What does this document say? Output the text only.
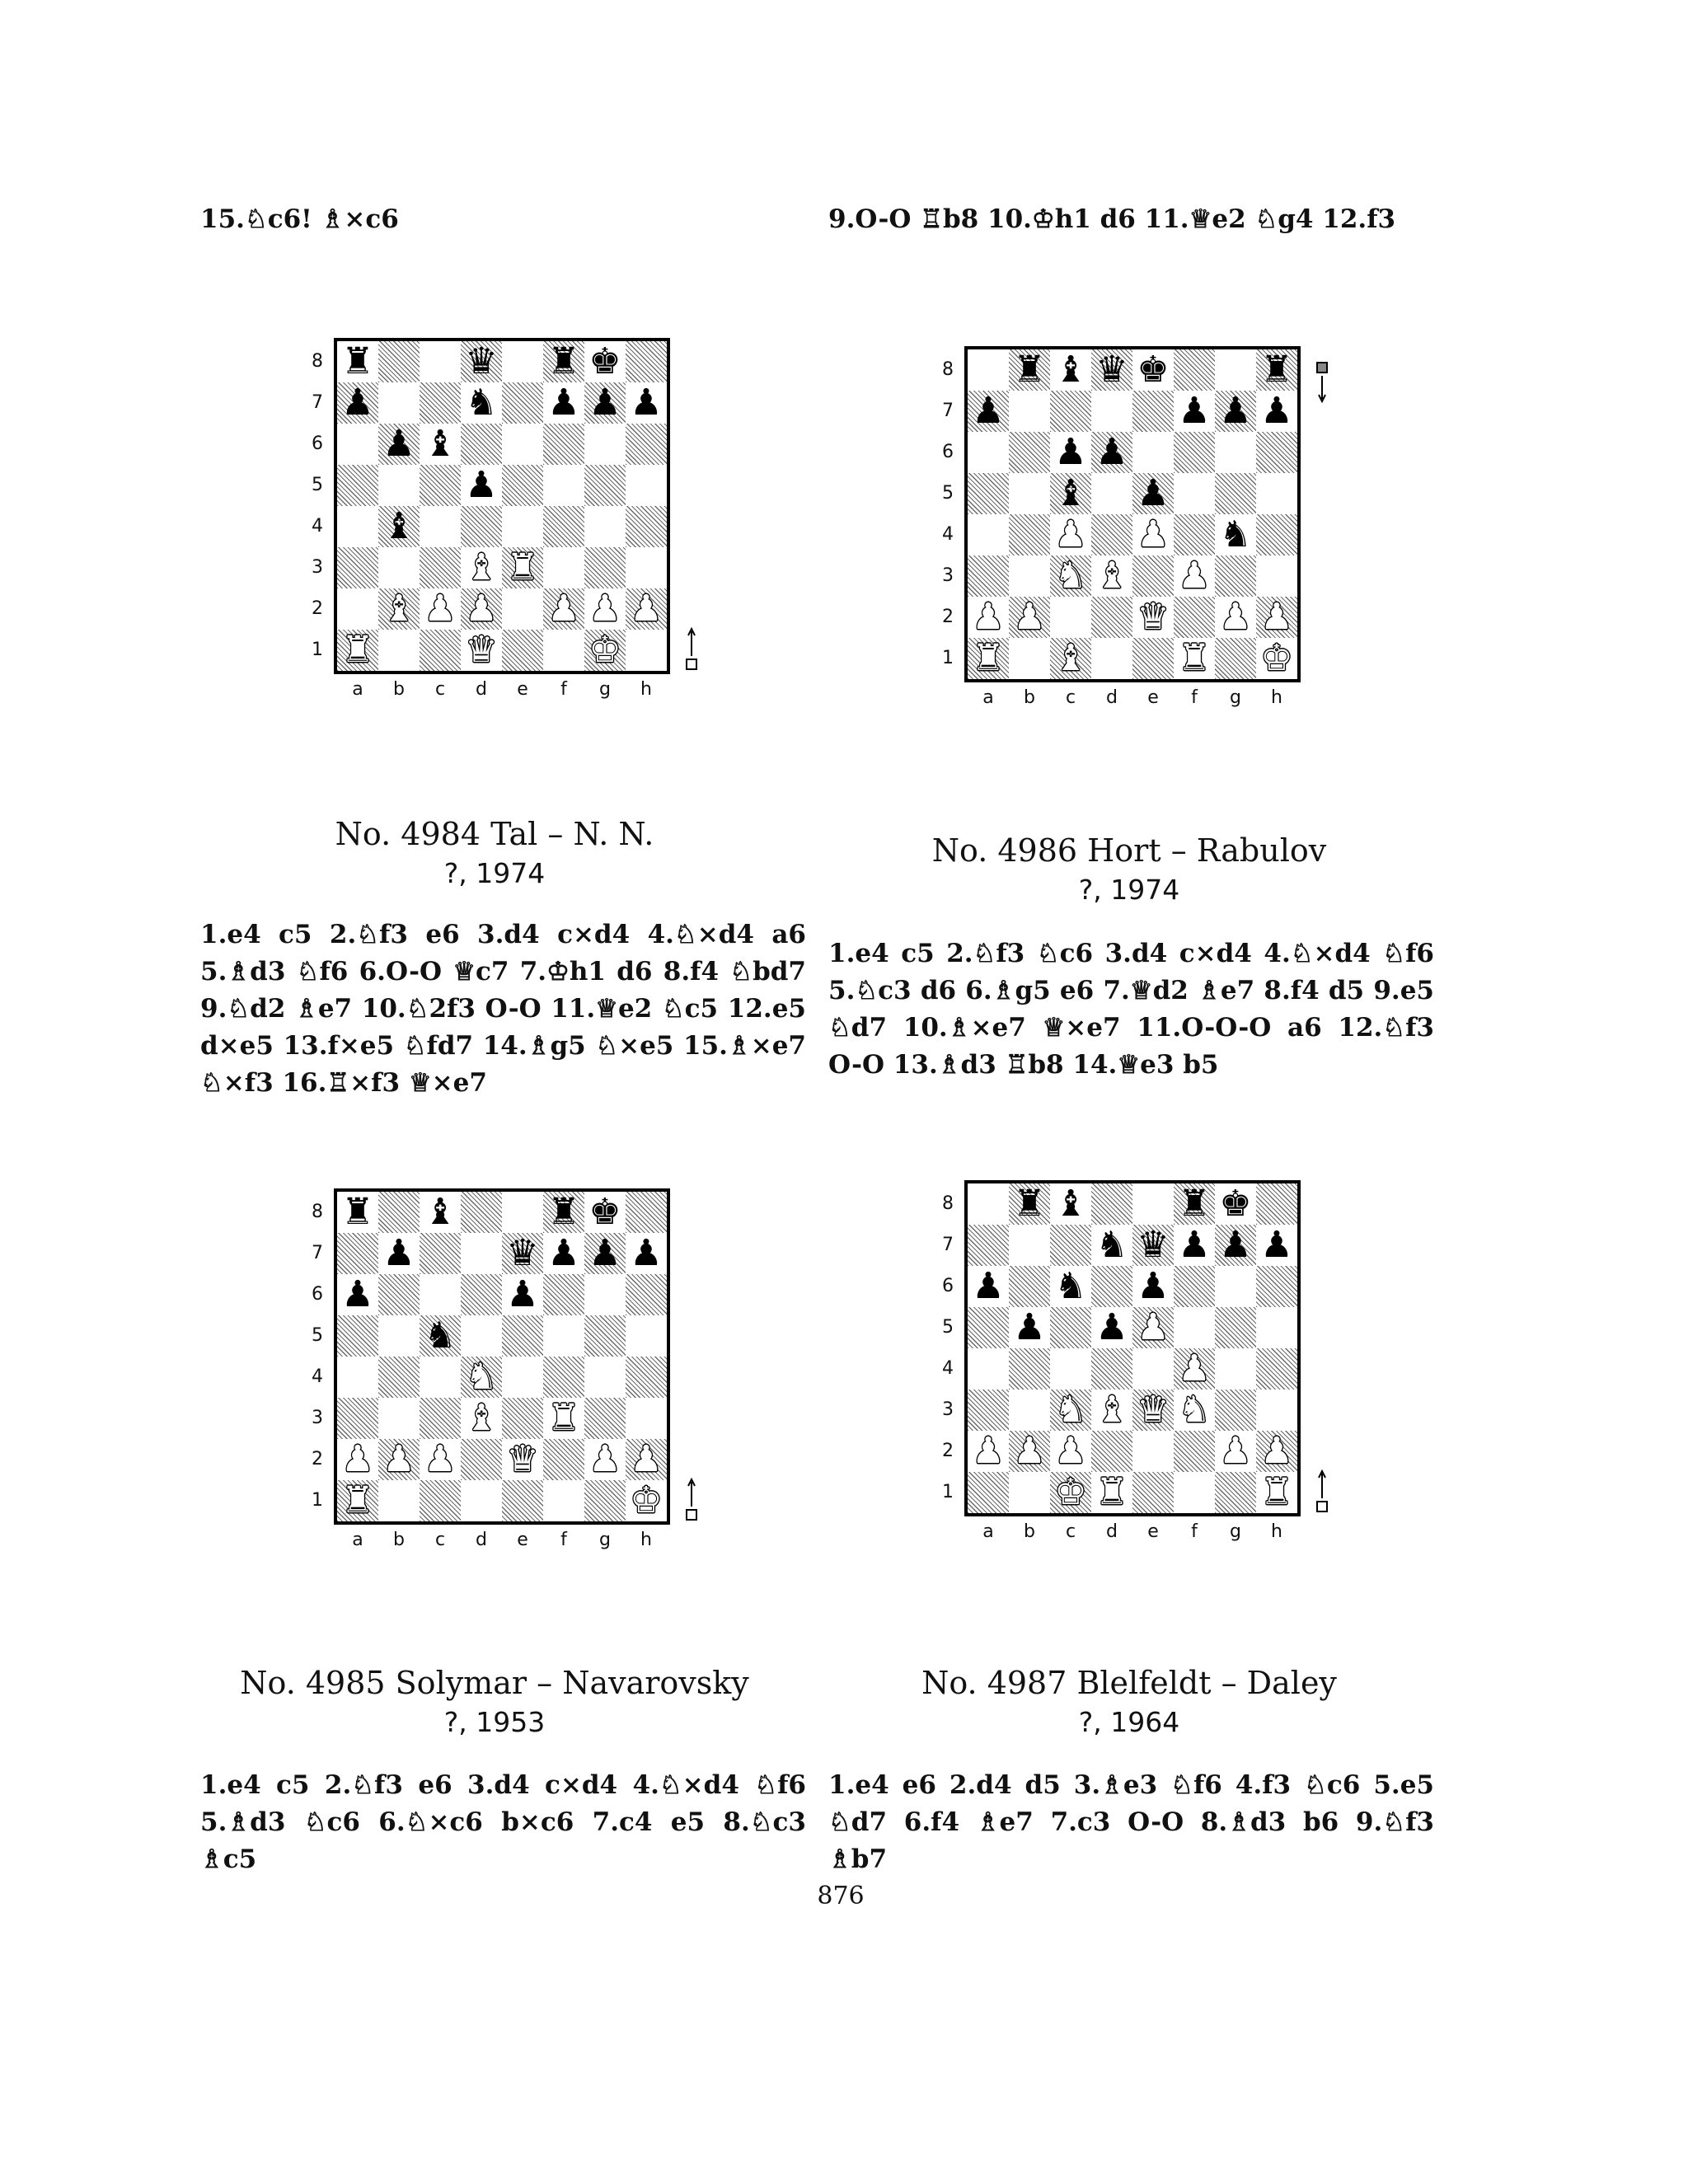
15.♘c6! ♗×c6	9.O-O ♖b8 10.♔h1 d6 11.♕e2 ♘g4 12.f3
♜	♛ ♜ ♚
♟	♞ ♟ ♟ ♟
♟ ♝
♟
♝
♝ ♜
♝ ♟ ♟ ♟ ♟ ♟
♜	♛	♚
♜ ♝ ♛ ♚	♜
♟	♟ ♟ ♟
♟ ♟
♝ ♟
♟ ♟ ♞
♞ ♝ ♟
♟ ♟	♛ ♟ ♟
♜ ♝	♜ ♚
♜ ♝	♜ ♚
♟	♛ ♟ ♟ ♟
♟	♟
♞
♞
♝ ♜
♟ ♟ ♟ ♛ ♟ ♟
♜	♚
♜ ♝	♜ ♚
♞ ♛ ♟ ♟ ♟
♟ ♞ ♟
♟ ♟ ♟
♟
♞ ♝ ♛ ♞
♟ ♟ ♟	♟ ♟
♚ ♜	♜
8
7
6
5
4
3
2
1
a	b	c	d	e	f	g	h
8
7
6
5
4
3
2
1
a	b	c	d	e	f	g	h
8
7
6
5
4
3
2
1
a	b	c	d	e	f	g	h
8
7
6
5
4
3
2
1
a	b	c	d	e	f	g	h
No. 4984 Tal – N. N.
?, 1974
1.e4 c5 2.♘f3 e6 3.d4 c×d4 4.♘×d4 a6 5.♗d3 ♘f6 6.O-O ♕c7 7.♔h1 d6 8.f4 ♘bd7 9.♘d2 ♗e7 10.♘2f3 O-O 11.♕e2 ♘c5 12.e5 d×e5 13.f×e5 ♘fd7 14.♗g5 ♘×e5 15.♗×e7 ♘×f3 16.♖×f3 ♕×e7
No. 4986 Hort – Rabulov
?, 1974
1.e4 c5 2.♘f3 ♘c6 3.d4 c×d4 4.♘×d4 ♘f6 5.♘c3 d6 6.♗g5 e6 7.♕d2 ♗e7 8.f4 d5 9.e5 ♘d7 10.♗×e7 ♕×e7 11.O-O-O a6 12.♘f3 O-O 13.♗d3 ♖b8 14.♕e3 b5
No. 4985 Solymar – Navarovsky
?, 1953
1.e4 c5 2.♘f3 e6 3.d4 c×d4 4.♘×d4 ♘f6 5.♗d3 ♘c6 6.♘×c6 b×c6 7.c4 e5 8.♘c3 ♗c5
No. 4987 Blelfeldt – Daley
?, 1964
1.e4 e6 2.d4 d5 3.♗e3 ♘f6 4.f3 ♘c6 5.e5 ♘d7 6.f4 ♗e7 7.c3 O-O 8.♗d3 b6 9.♘f3 ♗b7
876
